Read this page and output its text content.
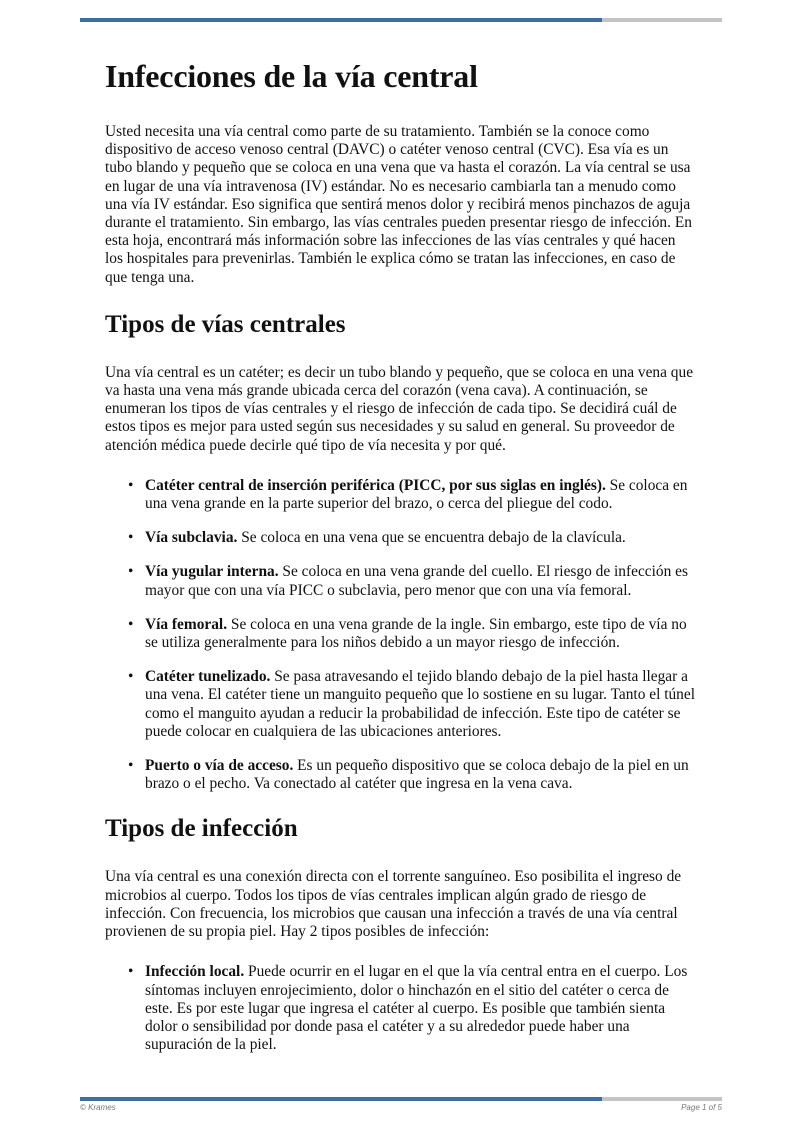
Infecciones de la vía central

Usted necesita una vía central como parte de su tratamiento. También se la conoce como dispositivo de acceso venoso central (DAVC) o catéter venoso central (CVC). Esa vía es un tubo blando y pequeño que se coloca en una vena que va hasta el corazón. La vía central se usa en lugar de una vía intravenosa (IV) estándar. No es necesario cambiarla tan a menudo como una vía IV estándar. Eso significa que sentirá menos dolor y recibirá menos pinchazos de aguja durante el tratamiento. Sin embargo, las vías centrales pueden presentar riesgo de infección. En esta hoja, encontrará más información sobre las infecciones de las vías centrales y qué hacen los hospitales para prevenirlas. También le explica cómo se tratan las infecciones, en caso de que tenga una.

Tipos de vías centrales

Una vía central es un catéter; es decir un tubo blando y pequeño, que se coloca en una vena que va hasta una vena más grande ubicada cerca del corazón (vena cava). A continuación, se enumeran los tipos de vías centrales y el riesgo de infección de cada tipo. Se decidirá cuál de estos tipos es mejor para usted según sus necesidades y su salud en general. Su proveedor de atención médica puede decirle qué tipo de vía necesita y por qué.

• Catéter central de inserción periférica (PICC, por sus siglas en inglés). Se coloca en una vena grande en la parte superior del brazo, o cerca del pliegue del codo.
• Vía subclavia. Se coloca en una vena que se encuentra debajo de la clavícula.
• Vía yugular interna. Se coloca en una vena grande del cuello. El riesgo de infección es mayor que con una vía PICC o subclavia, pero menor que con una vía femoral.
• Vía femoral. Se coloca en una vena grande de la ingle. Sin embargo, este tipo de vía no se utiliza generalmente para los niños debido a un mayor riesgo de infección.
• Catéter tunelizado. Se pasa atravesando el tejido blando debajo de la piel hasta llegar a una vena. El catéter tiene un manguito pequeño que lo sostiene en su lugar. Tanto el túnel como el manguito ayudan a reducir la probabilidad de infección. Este tipo de catéter se puede colocar en cualquiera de las ubicaciones anteriores.
• Puerto o vía de acceso. Es un pequeño dispositivo que se coloca debajo de la piel en un brazo o el pecho. Va conectado al catéter que ingresa en la vena cava.
Tipos de infección

Una vía central es una conexión directa con el torrente sanguíneo. Eso posibilita el ingreso de microbios al cuerpo. Todos los tipos de vías centrales implican algún grado de riesgo de infección. Con frecuencia, los microbios que causan una infección a través de una vía central provienen de su propia piel. Hay 2 tipos posibles de infección:

• Infección local. Puede ocurrir en el lugar en el que la vía central entra en el cuerpo. Los síntomas incluyen enrojecimiento, dolor o hinchazón en el sitio del catéter o cerca de este. Es por este lugar que ingresa el catéter al cuerpo. Es posible que también sienta dolor o sensibilidad por donde pasa el catéter y a su alrededor puede haber una supuración de la piel.
© Krames	Page 1 of 5
